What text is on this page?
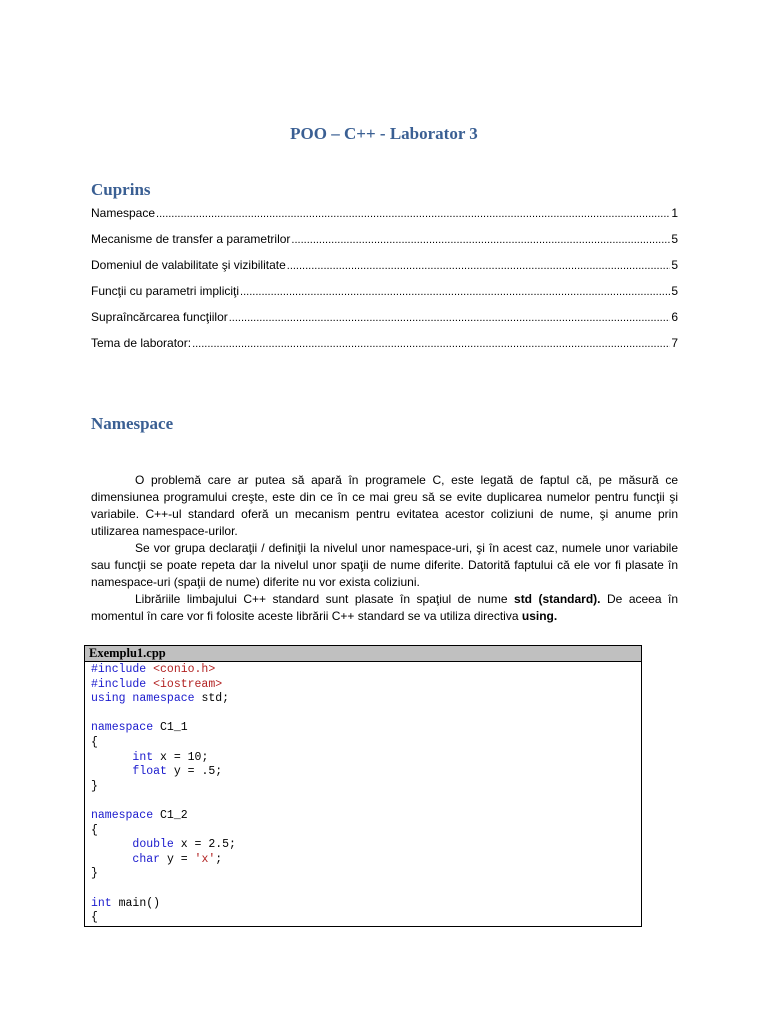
POO – C++ - Laborator 3
Cuprins
Namespace .....	1
Mecanisme de transfer a parametrilor .....	5
Domeniul de valabilitate şi vizibilitate .....	5
Funcţii cu parametri impliciţi .....	5
Supraîncărcarea funcţiilor .....	6
Tema de laborator: .....	7
Namespace

O problemă care ar putea să apară în programele C, este legată de faptul că, pe măsură ce dimensiunea programului creşte, este din ce în ce mai greu să se evite duplicarea numelor pentru funcţii şi variabile. C++-ul standard oferă un mecanism pentru evitatea acestor coliziuni de nume, şi anume prin utilizarea namespace-urilor.

Se vor grupa declaraţii / definiţii la nivelul unor namespace-uri, şi în acest caz, numele unor variabile sau funcţii se poate repeta dar la nivelul unor spaţii de nume diferite. Datorită faptului că ele vor fi plasate în namespace-uri (spaţii de nume) diferite nu vor exista coliziuni.

Librăriile limbajului C++ standard sunt plasate în spaţiul de nume std (standard). De aceea în momentul în care vor fi folosite aceste librării C++ standard se va utiliza directiva using.

Exemplu1.cpp
#include <conio.h>
#include <iostream>
using namespace std;

namespace C1_1
{
int x = 10;
float y = .5;
}

namespace C1_2
{
double x = 2.5;
char y = 'x';
}

int main()
{
